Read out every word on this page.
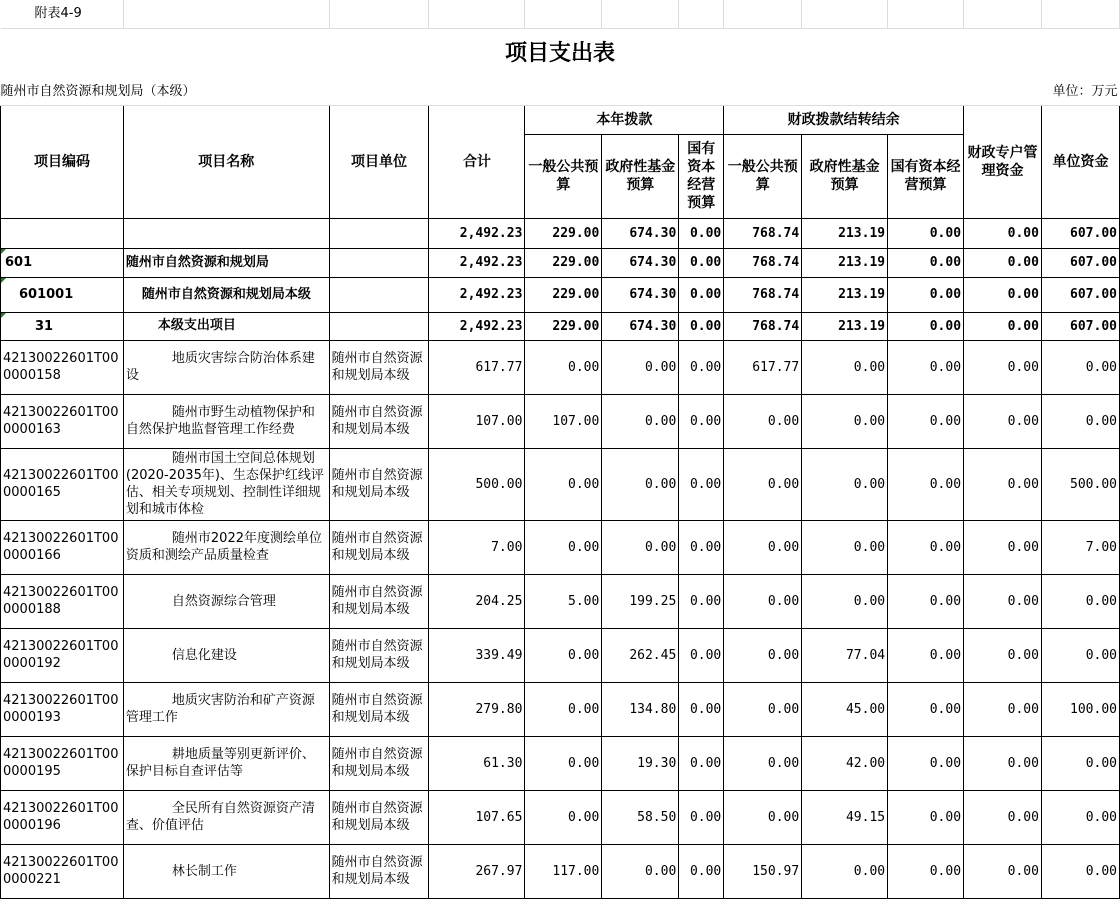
附表4-9											
项目支出表											
随州市自然资源和规划局（本级）						单位：万元					
项目编码	项目名称	项目单位	合计	本年拨款			财政拨款结转结余			财政专户管理资金	单位资金
				一般公共预算	政府性基金预算	国有资本经营预算	一般公共预算	政府性基金预算	国有资本经营预算		
			2,492.23	229.00	674.30	0.00	768.74	213.19	0.00	0.00	607.00
601	随州市自然资源和规划局		2,492.23	229.00	674.30	0.00	768.74	213.19	0.00	0.00	607.00
601001	随州市自然资源和规划局本级		2,492.23	229.00	674.30	0.00	768.74	213.19	0.00	0.00	607.00
31	本级支出项目		2,492.23	229.00	674.30	0.00	768.74	213.19	0.00	0.00	607.00
42130022601T000000158	地质灾害综合防治体系建设	随州市自然资源和规划局本级	617.77	0.00	0.00	0.00	617.77	0.00	0.00	0.00	0.00
42130022601T000000163	随州市野生动植物保护和自然保护地监督管理工作经费	随州市自然资源和规划局本级	107.00	107.00	0.00	0.00	0.00	0.00	0.00	0.00	0.00
42130022601T000000165	随州市国土空间总体规划(2020-2035年)、生态保护红线评估、相关专项规划、控制性详细规划和城市体检	随州市自然资源和规划局本级	500.00	0.00	0.00	0.00	0.00	0.00	0.00	0.00	500.00
42130022601T000000166	随州市2022年度测绘单位资质和测绘产品质量检查	随州市自然资源和规划局本级	7.00	0.00	0.00	0.00	0.00	0.00	0.00	0.00	7.00
42130022601T000000188	自然资源综合管理	随州市自然资源和规划局本级	204.25	5.00	199.25	0.00	0.00	0.00	0.00	0.00	0.00
42130022601T000000192	信息化建设	随州市自然资源和规划局本级	339.49	0.00	262.45	0.00	0.00	77.04	0.00	0.00	0.00
42130022601T000000193	地质灾害防治和矿产资源管理工作	随州市自然资源和规划局本级	279.80	0.00	134.80	0.00	0.00	45.00	0.00	0.00	100.00
42130022601T000000195	耕地质量等别更新评价、保护目标自查评估等	随州市自然资源和规划局本级	61.30	0.00	19.30	0.00	0.00	42.00	0.00	0.00	0.00
42130022601T000000196	全民所有自然资源资产清查、价值评估	随州市自然资源和规划局本级	107.65	0.00	58.50	0.00	0.00	49.15	0.00	0.00	0.00
42130022601T000000221	林长制工作	随州市自然资源和规划局本级	267.97	117.00	0.00	0.00	150.97	0.00	0.00	0.00	0.00
